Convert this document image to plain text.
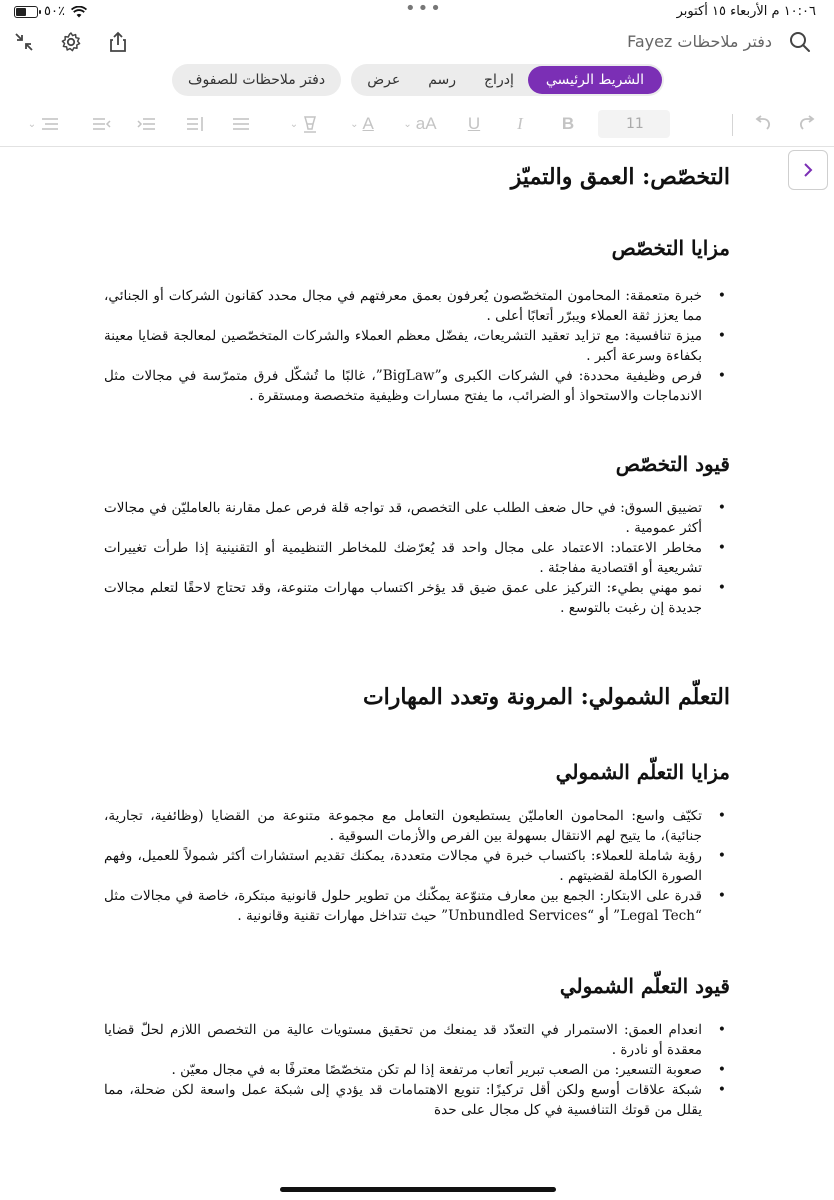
١٠:٠٦ م الأربعاء ١٥ أكتوبر
•••
٥٠٪
دفتر ملاحظات Fayez
الشريط الرئيسي
إدراج
رسم
عرض
دفتر ملاحظات للصفوف
11
B
I
U
⌄ aA
⌄ A
⌄
⌄
التخصّص: العمق والتميّز
مزايا التخصّص
• خبرة متعمقة: المحامون المتخصّصون يُعرفون بعمق معرفتهم في مجال محدد كقانون الشركات أو الجنائي، مما يعزز ثقة العملاء ويبرّر أتعابًا أعلى .
• ميزة تنافسية: مع تزايد تعقيد التشريعات، يفضّل معظم العملاء والشركات المتخصّصين لمعالجة قضايا معينة بكفاءة وسرعة أكبر .
• فرص وظيفية محددة: في الشركات الكبرى و”BigLaw”، غالبًا ما تُشكّل فرق متمرّسة في مجالات مثل الاندماجات والاستحواذ أو الضرائب، ما يفتح مسارات وظيفية متخصصة ومستقرة .
قيود التخصّص
• تضييق السوق: في حال ضعف الطلب على التخصص، قد تواجه قلة فرص عمل مقارنة بالعامليّن في مجالات أكثر عمومية .
• مخاطر الاعتماد: الاعتماد على مجال واحد قد يُعرّضك للمخاطر التنظيمية أو التقنينية إذا طرأت تغييرات تشريعية أو اقتصادية مفاجئة .
• نمو مهني بطيء: التركيز على عمق ضيق قد يؤخر اكتساب مهارات متنوعة، وقد تحتاج لاحقًا لتعلم مجالات جديدة إن رغبت بالتوسع .
التعلّم الشمولي: المرونة وتعدد المهارات
مزايا التعلّم الشمولي
• تكيّف واسع: المحامون العامليّن يستطيعون التعامل مع مجموعة متنوعة من القضايا (وظائفية، تجارية، جنائية)، ما يتيح لهم الانتقال بسهولة بين الفرص والأزمات السوقية .
• رؤية شاملة للعملاء: باكتساب خبرة في مجالات متعددة، يمكنك تقديم استشارات أكثر شمولاً للعميل، وفهم الصورة الكاملة لقضيتهم .
• قدرة على الابتكار: الجمع بين معارف متنوّعة يمكّنك من تطوير حلول قانونية مبتكرة، خاصة في مجالات مثل “Legal Tech” أو “Unbundled Services” حيث تتداخل مهارات تقنية وقانونية .
قيود التعلّم الشمولي
• انعدام العمق: الاستمرار في التعدّد قد يمنعك من تحقيق مستويات عالية من التخصص اللازم لحلّ قضايا معقدة أو نادرة .
• صعوبة التسعير: من الصعب تبرير أتعاب مرتفعة إذا لم تكن متخصّصًا معترفًا به في مجال معيّن .
• شبكة علاقات أوسع ولكن أقل تركيزًا: تنويع الاهتمامات قد يؤدي إلى شبكة عمل واسعة لكن ضحلة، مما يقلل من قوتك التنافسية في كل مجال على حدة
